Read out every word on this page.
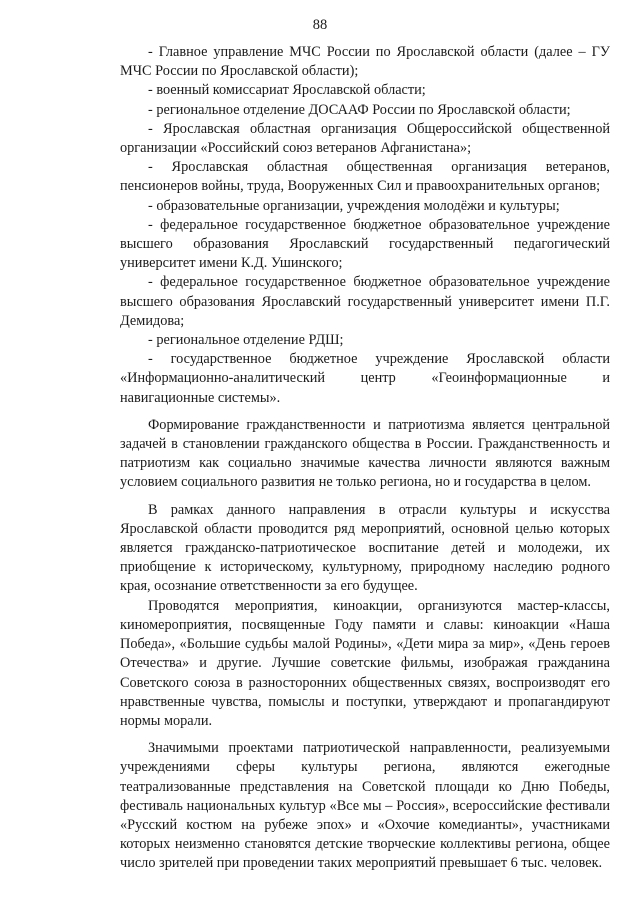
88

- Главное управление МЧС России по Ярославской области (далее – ГУ МЧС России по Ярославской области);

- военный комиссариат Ярославской области;

- региональное отделение ДОСААФ России по Ярославской области;

- Ярославская областная организация Общероссийской общественной организации «Российский союз ветеранов Афганистана»;

- Ярославская областная общественная организация ветеранов, пенсионеров войны, труда, Вооруженных Сил и правоохранительных органов;

- образовательные организации, учреждения молодёжи и культуры;

- федеральное государственное бюджетное образовательное учреждение высшего образования Ярославский государственный педагогический университет имени К.Д. Ушинского;

- федеральное государственное бюджетное образовательное учреждение высшего образования Ярославский государственный университет имени П.Г. Демидова;

- региональное отделение РДШ;

- государственное бюджетное учреждение Ярославской области «Информационно-аналитический центр «Геоинформационные и навигационные системы».

Формирование гражданственности и патриотизма является центральной задачей в становлении гражданского общества в России. Гражданственность и патриотизм как социально значимые качества личности являются важным условием социального развития не только региона, но и государства в целом.

В рамках данного направления в отрасли культуры и искусства Ярославской области проводится ряд мероприятий, основной целью которых является гражданско-патриотическое воспитание детей и молодежи, их приобщение к историческому, культурному, природному наследию родного края, осознание ответственности за его будущее.

Проводятся мероприятия, киноакции, организуются мастер-классы, киномероприятия, посвященные Году памяти и славы: киноакции «Наша Победа», «Большие судьбы малой Родины», «Дети мира за мир», «День героев Отечества» и другие. Лучшие советские фильмы, изображая гражданина Советского союза в разносторонних общественных связях, воспроизводят его нравственные чувства, помыслы и поступки, утверждают и пропагандируют нормы морали.

Значимыми проектами патриотической направленности, реализуемыми учреждениями сферы культуры региона, являются ежегодные театрализованные представления на Советской площади ко Дню Победы, фестиваль национальных культур «Все мы – Россия», всероссийские фестивали «Русский костюм на рубеже эпох» и «Охочие комедианты», участниками которых неизменно становятся детские творческие коллективы региона, общее число зрителей при проведении таких мероприятий превышает 6 тыс. человек.
